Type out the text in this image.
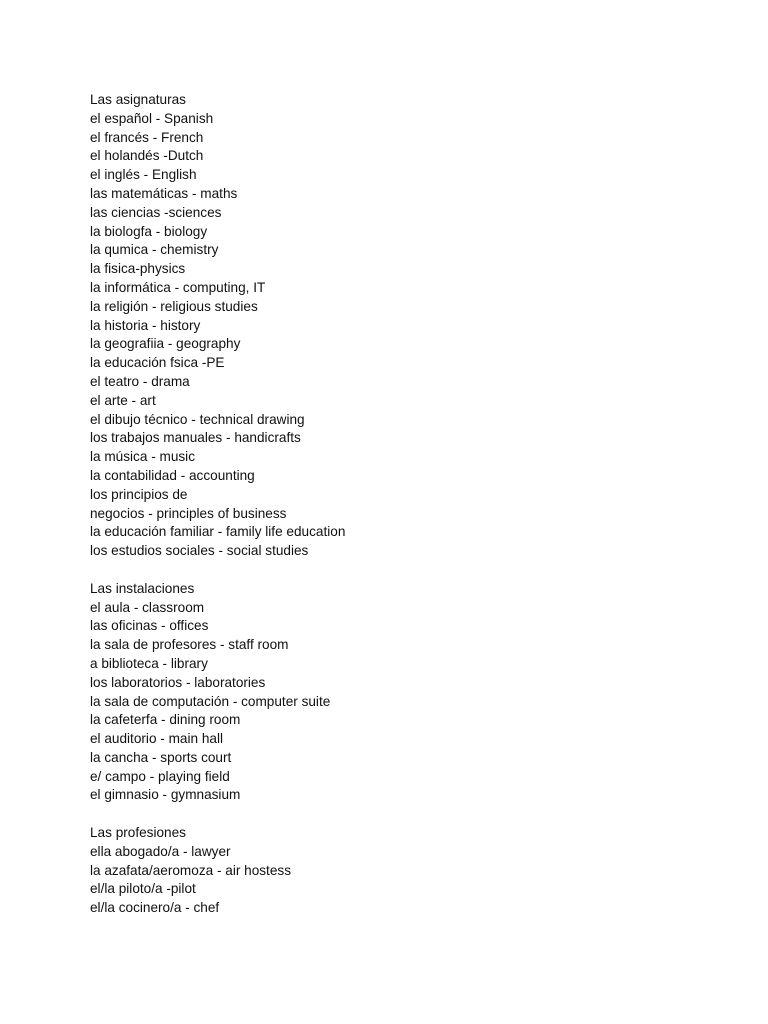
Las asignaturas
el español - Spanish
el francés - French
el holandés -Dutch
el inglés - English
las matemáticas - maths
las ciencias -sciences
la biologfa - biology
la qumica - chemistry
la fisica-physics
la informática - computing, IT
la religión - religious studies
la historia - history
la geografiia - geography
la educación fsica -PE
el teatro - drama
el arte - art
el dibujo técnico - technical drawing
los trabajos manuales - handicrafts
la música - music
la contabilidad - accounting
los principios de
negocios - principles of business
la educación familiar - family life education
los estudios sociales - social studies
Las instalaciones
el aula - classroom
las oficinas - offices
la sala de profesores - staff room
a biblioteca - library
los laboratorios - laboratories
la sala de computación - computer suite
la cafeterfa - dining room
el auditorio - main hall
la cancha - sports court
e/ campo - playing field
el gimnasio - gymnasium
Las profesiones
ella abogado/a - lawyer
la azafata/aeromoza - air hostess
el/la piloto/a -pilot
el/la cocinero/a - chef
